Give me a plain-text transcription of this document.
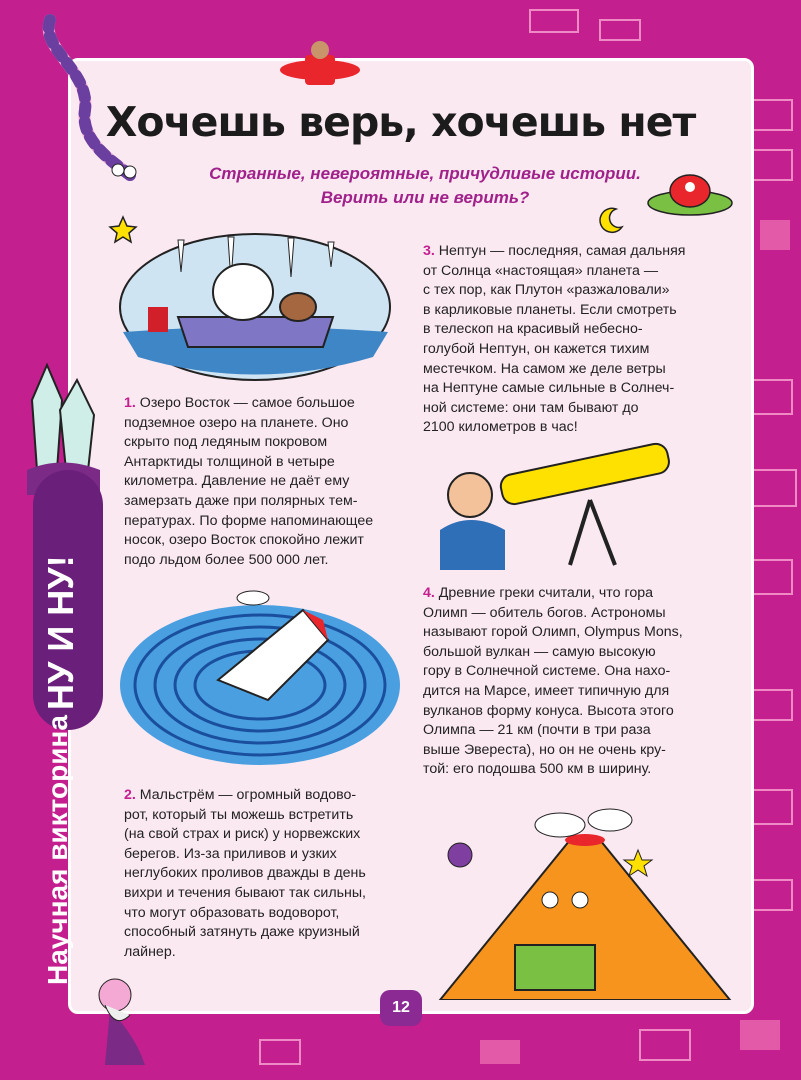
Хочешь верь, хочешь нет
Странные, невероятные, причудливые истории.
Верить или не верить?
НУ И НУ!
Научная викторина
1. Озеро Восток — самое большое
подземное озеро на планете. Оно
скрыто под ледяным покровом
Антарктиды толщиной в четыре
километра. Давление не даёт ему
замерзать даже при полярных тем-
пературах. По форме напоминающее
носок, озеро Восток спокойно лежит
подо льдом более 500 000 лет.
2. Мальстрём — огромный водово-
рот, который ты можешь встретить
(на свой страх и риск) у норвежских
берегов. Из-за приливов и узких
неглубоких проливов дважды в день
вихри и течения бывают так сильны,
что могут образовать водоворот,
способный затянуть даже круизный
лайнер.
3. Нептун — последняя, самая дальняя
от Солнца «настоящая» планета —
с тех пор, как Плутон «разжаловали»
в карликовые планеты. Если смотреть
в телескоп на красивый небесно-
голубой Нептун, он кажется тихим
местечком. На самом же деле ветры
на Нептуне самые сильные в Солнеч-
ной системе: они там бывают до
2100 километров в час!
4. Древние греки считали, что гора
Олимп — обитель богов. Астрономы
называют горой Олимп, Olympus Mons,
большой вулкан — самую высокую
гору в Солнечной системе. Она нахо-
дится на Марсе, имеет типичную для
вулканов форму конуса. Высота этого
Олимпа — 21 км (почти в три раза
выше Эвереста), но он не очень кру-
той: его подошва 500 км в ширину.
12
